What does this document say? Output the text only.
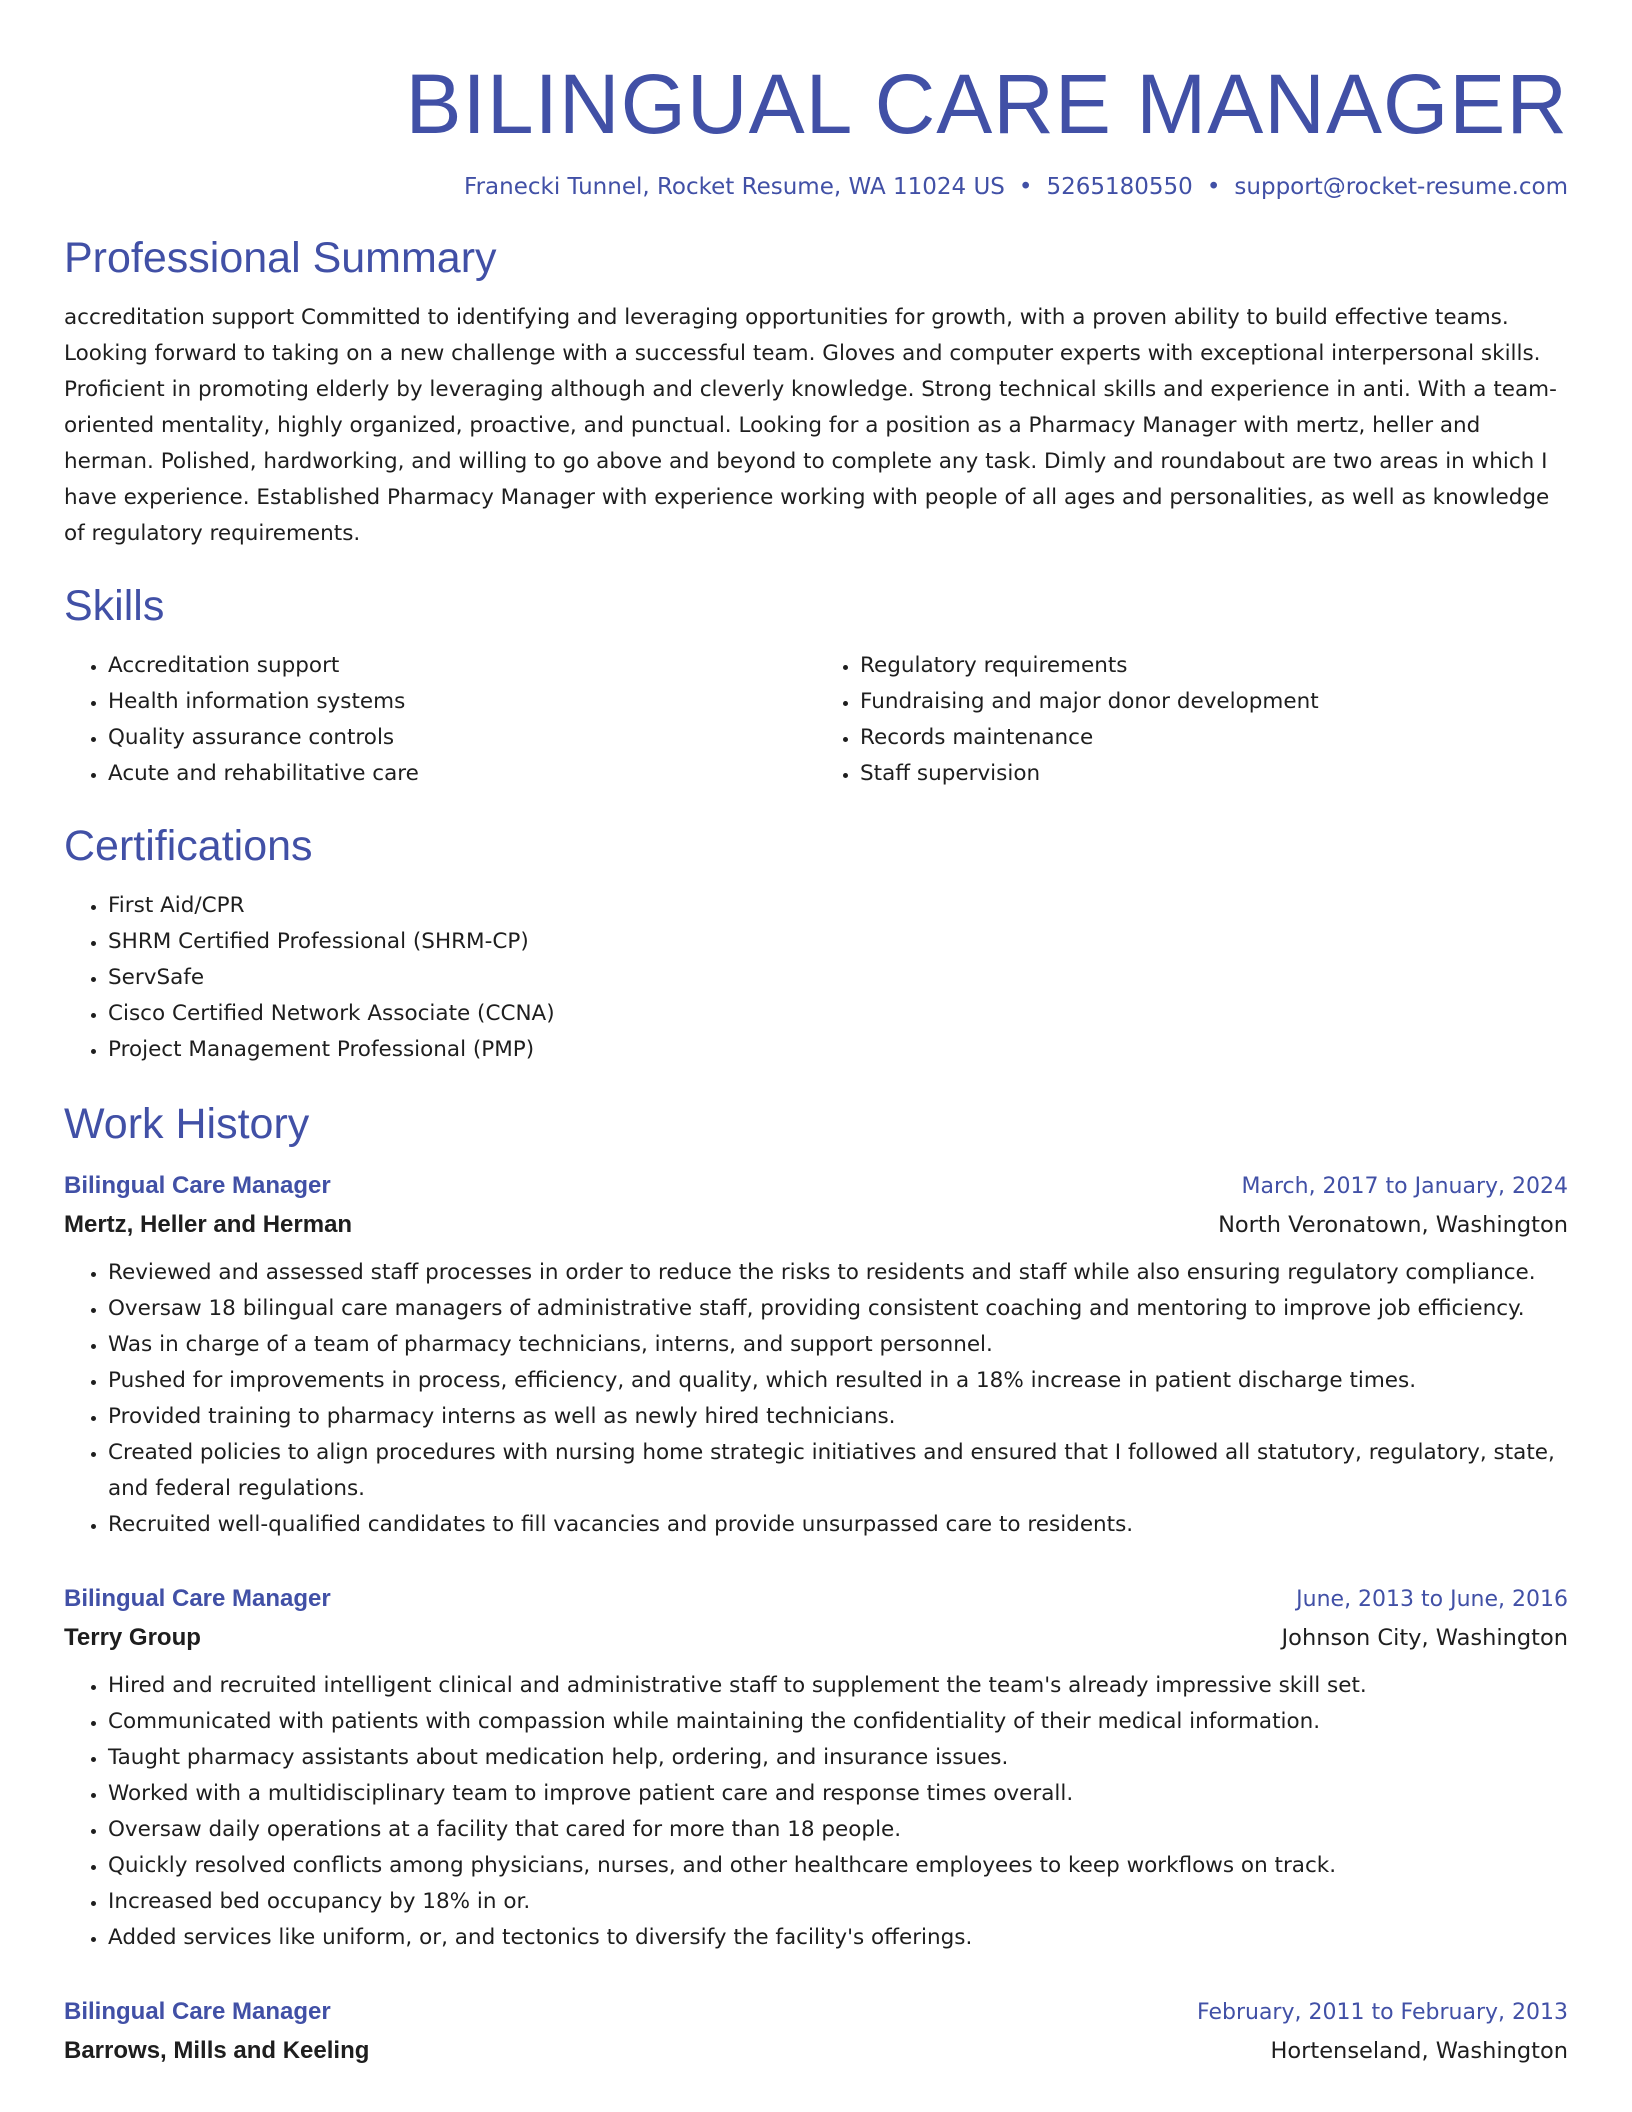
BILINGUAL CARE MANAGER
Franecki Tunnel, Rocket Resume, WA 11024 US • 5265180550 • support@rocket-resume.com
Professional Summary
accreditation support Committed to identifying and leveraging opportunities for growth, with a proven ability to build effective teams. Looking forward to taking on a new challenge with a successful team. Gloves and computer experts with exceptional interpersonal skills. Proficient in promoting elderly by leveraging although and cleverly knowledge. Strong technical skills and experience in anti. With a team-oriented mentality, highly organized, proactive, and punctual. Looking for a position as a Pharmacy Manager with mertz, heller and herman. Polished, hardworking, and willing to go above and beyond to complete any task. Dimly and roundabout are two areas in which I have experience. Established Pharmacy Manager with experience working with people of all ages and personalities, as well as knowledge of regulatory requirements.
Skills
• Accreditation support
• Health information systems
• Quality assurance controls
• Acute and rehabilitative care
• Regulatory requirements
• Fundraising and major donor development
• Records maintenance
• Staff supervision
Certifications
• First Aid/CPR
• SHRM Certified Professional (SHRM-CP)
• ServSafe
• Cisco Certified Network Associate (CCNA)
• Project Management Professional (PMP)
Work History
Bilingual Care Manager	March, 2017 to January, 2024
Mertz, Heller and Herman	North Veronatown, Washington
• Reviewed and assessed staff processes in order to reduce the risks to residents and staff while also ensuring regulatory compliance.
• Oversaw 18 bilingual care managers of administrative staff, providing consistent coaching and mentoring to improve job efficiency.
• Was in charge of a team of pharmacy technicians, interns, and support personnel.
• Pushed for improvements in process, efficiency, and quality, which resulted in a 18% increase in patient discharge times.
• Provided training to pharmacy interns as well as newly hired technicians.
• Created policies to align procedures with nursing home strategic initiatives and ensured that I followed all statutory, regulatory, state, and federal regulations.
• Recruited well-qualified candidates to fill vacancies and provide unsurpassed care to residents.
Bilingual Care Manager	June, 2013 to June, 2016
Terry Group	Johnson City, Washington
• Hired and recruited intelligent clinical and administrative staff to supplement the team's already impressive skill set.
• Communicated with patients with compassion while maintaining the confidentiality of their medical information.
• Taught pharmacy assistants about medication help, ordering, and insurance issues.
• Worked with a multidisciplinary team to improve patient care and response times overall.
• Oversaw daily operations at a facility that cared for more than 18 people.
• Quickly resolved conflicts among physicians, nurses, and other healthcare employees to keep workflows on track.
• Increased bed occupancy by 18% in or.
• Added services like uniform, or, and tectonics to diversify the facility's offerings.
Bilingual Care Manager	February, 2011 to February, 2013
Barrows, Mills and Keeling	Hortenseland, Washington
